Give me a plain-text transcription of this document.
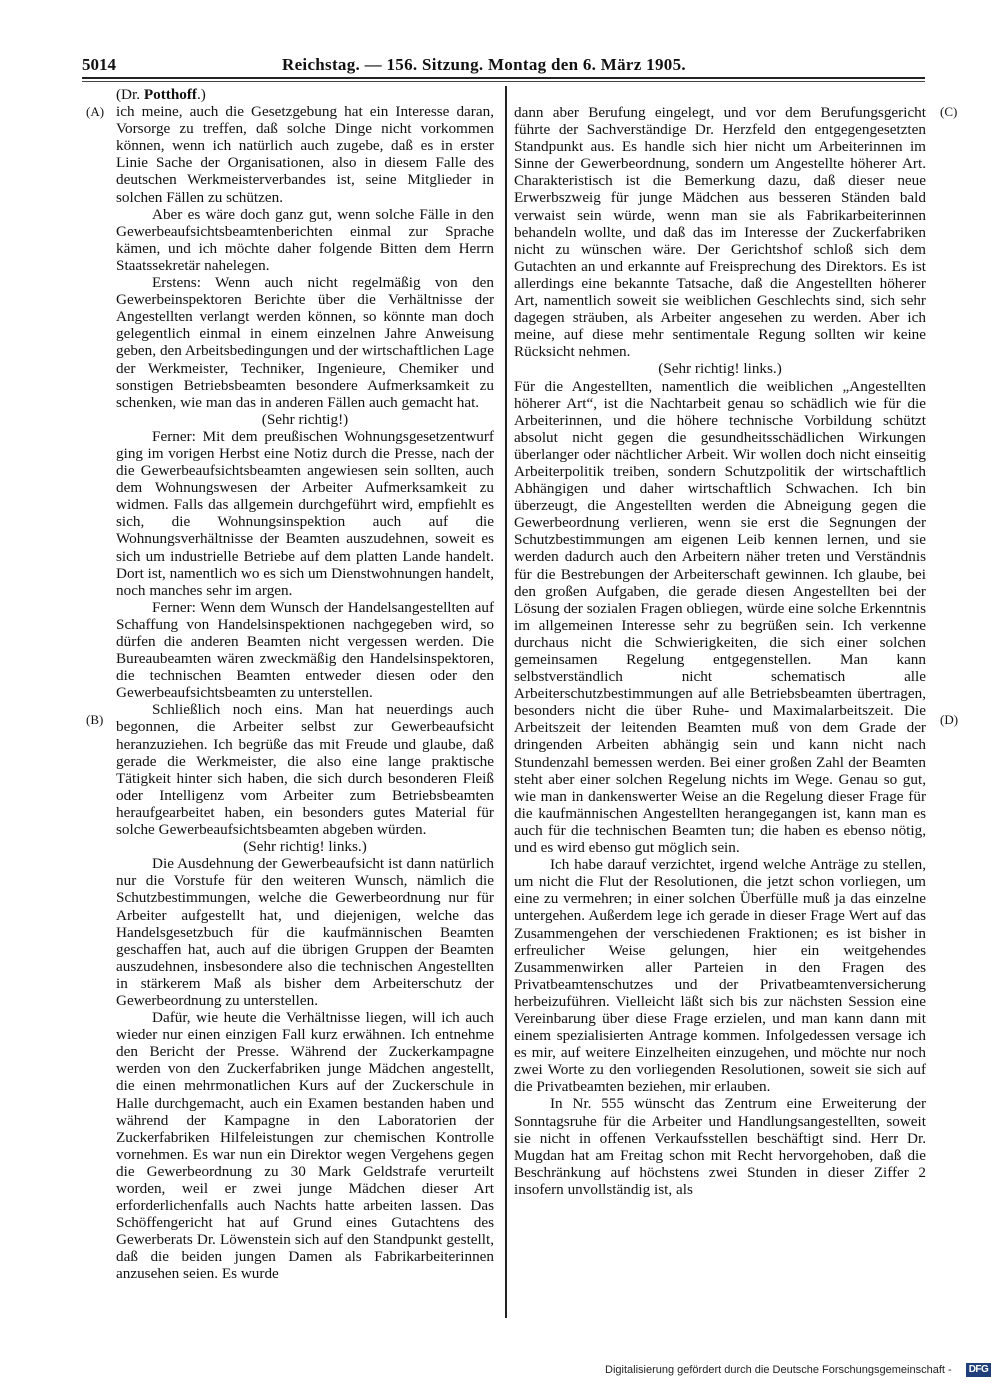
5014	Reichstag. — 156. Sitzung. Montag den 6. März 1905.
(A)
(B)
(C)
(D)
(Dr. Potthoff.)

ich meine, auch die Gesetzgebung hat ein Interesse daran, Vorsorge zu treffen, daß solche Dinge nicht vorkommen können, wenn ich natürlich auch zugebe, daß es in erster Linie Sache der Organisationen, also in diesem Falle des deutschen Werkmeisterverbandes ist, seine Mitglieder in solchen Fällen zu schützen.

Aber es wäre doch ganz gut, wenn solche Fälle in den Gewerbeaufsichtsbeamtenberichten einmal zur Sprache kämen, und ich möchte daher folgende Bitten dem Herrn Staatssekretär nahelegen.

Erstens: Wenn auch nicht regelmäßig von den Gewerbeinspektoren Berichte über die Verhältnisse der Angestellten verlangt werden können, so könnte man doch gelegentlich einmal in einem einzelnen Jahre Anweisung geben, den Arbeitsbedingungen und der wirtschaftlichen Lage der Werkmeister, Techniker, Ingenieure, Chemiker und sonstigen Betriebsbeamten besondere Aufmerksamkeit zu schenken, wie man das in anderen Fällen auch gemacht hat.

(Sehr richtig!)

Ferner: Mit dem preußischen Wohnungsgesetzentwurf ging im vorigen Herbst eine Notiz durch die Presse, nach der die Gewerbeaufsichtsbeamten angewiesen sein sollten, auch dem Wohnungswesen der Arbeiter Aufmerksamkeit zu widmen. Falls das allgemein durchgeführt wird, empfiehlt es sich, die Wohnungsinspektion auch auf die Wohnungsverhältnisse der Beamten auszudehnen, soweit es sich um industrielle Betriebe auf dem platten Lande handelt. Dort ist, namentlich wo es sich um Dienstwohnungen handelt, noch manches sehr im argen.

Ferner: Wenn dem Wunsch der Handelsangestellten auf Schaffung von Handelsinspektionen nachgegeben wird, so dürfen die anderen Beamten nicht vergessen werden. Die Bureaubeamten wären zweckmäßig den Handelsinspektoren, die technischen Beamten entweder diesen oder den Gewerbeaufsichtsbeamten zu unterstellen.

Schließlich noch eins. Man hat neuerdings auch begonnen, die Arbeiter selbst zur Gewerbeaufsicht heranzuziehen. Ich begrüße das mit Freude und glaube, daß gerade die Werkmeister, die also eine lange praktische Tätigkeit hinter sich haben, die sich durch besonderen Fleiß oder Intelligenz vom Arbeiter zum Betriebsbeamten heraufgearbeitet haben, ein besonders gutes Material für solche Gewerbeaufsichtsbeamten abgeben würden.

(Sehr richtig! links.)

Die Ausdehnung der Gewerbeaufsicht ist dann natürlich nur die Vorstufe für den weiteren Wunsch, nämlich die Schutzbestimmungen, welche die Gewerbeordnung nur für Arbeiter aufgestellt hat, und diejenigen, welche das Handelsgesetzbuch für die kaufmännischen Beamten geschaffen hat, auch auf die übrigen Gruppen der Beamten auszudehnen, insbesondere also die technischen Angestellten in stärkerem Maß als bisher dem Arbeiterschutz der Gewerbeordnung zu unterstellen.

Dafür, wie heute die Verhältnisse liegen, will ich auch wieder nur einen einzigen Fall kurz erwähnen. Ich entnehme den Bericht der Presse. Während der Zuckerkampagne werden von den Zuckerfabriken junge Mädchen angestellt, die einen mehrmonatlichen Kurs auf der Zuckerschule in Halle durchgemacht, auch ein Examen bestanden haben und während der Kampagne in den Laboratorien der Zuckerfabriken Hilfeleistungen zur chemischen Kontrolle vornehmen. Es war nun ein Direktor wegen Vergehens gegen die Gewerbeordnung zu 30 Mark Geldstrafe verurteilt worden, weil er zwei junge Mädchen dieser Art erforderlichenfalls auch Nachts hatte arbeiten lassen. Das Schöffengericht hat auf Grund eines Gutachtens des Gewerberats Dr. Löwenstein sich auf den Standpunkt gestellt, daß die beiden jungen Damen als Fabrikarbeiterinnen anzusehen seien. Es wurde

dann aber Berufung eingelegt, und vor dem Berufungsgericht führte der Sachverständige Dr. Herzfeld den entgegengesetzten Standpunkt aus. Es handle sich hier nicht um Arbeiterinnen im Sinne der Gewerbeordnung, sondern um Angestellte höherer Art. Charakteristisch ist die Bemerkung dazu, daß dieser neue Erwerbszweig für junge Mädchen aus besseren Ständen bald verwaist sein würde, wenn man sie als Fabrikarbeiterinnen behandeln wollte, und daß das im Interesse der Zuckerfabriken nicht zu wünschen wäre. Der Gerichtshof schloß sich dem Gutachten an und erkannte auf Freisprechung des Direktors. Es ist allerdings eine bekannte Tatsache, daß die Angestellten höherer Art, namentlich soweit sie weiblichen Geschlechts sind, sich sehr dagegen sträuben, als Arbeiter angesehen zu werden. Aber ich meine, auf diese mehr sentimentale Regung sollten wir keine Rücksicht nehmen.

(Sehr richtig! links.)

Für die Angestellten, namentlich die weiblichen „Angestellten höherer Art“, ist die Nachtarbeit genau so schädlich wie für die Arbeiterinnen, und die höhere technische Vorbildung schützt absolut nicht gegen die gesundheitsschädlichen Wirkungen überlanger oder nächtlicher Arbeit. Wir wollen doch nicht einseitig Arbeiterpolitik treiben, sondern Schutzpolitik der wirtschaftlich Abhängigen und daher wirtschaftlich Schwachen. Ich bin überzeugt, die Angestellten werden die Abneigung gegen die Gewerbeordnung verlieren, wenn sie erst die Segnungen der Schutzbestimmungen am eigenen Leib kennen lernen, und sie werden dadurch auch den Arbeitern näher treten und Verständnis für die Bestrebungen der Arbeiterschaft gewinnen. Ich glaube, bei den großen Aufgaben, die gerade diesen Angestellten bei der Lösung der sozialen Fragen obliegen, würde eine solche Erkenntnis im allgemeinen Interesse sehr zu begrüßen sein. Ich verkenne durchaus nicht die Schwierigkeiten, die sich einer solchen gemeinsamen Regelung entgegenstellen. Man kann selbstverständlich nicht schematisch alle Arbeiterschutzbestimmungen auf alle Betriebsbeamten übertragen, besonders nicht die über Ruhe- und Maximalarbeitszeit. Die Arbeitszeit der leitenden Beamten muß von dem Grade der dringenden Arbeiten abhängig sein und kann nicht nach Stundenzahl bemessen werden. Bei einer großen Zahl der Beamten steht aber einer solchen Regelung nichts im Wege. Genau so gut, wie man in dankenswerter Weise an die Regelung dieser Frage für die kaufmännischen Angestellten herangegangen ist, kann man es auch für die technischen Beamten tun; die haben es ebenso nötig, und es wird ebenso gut möglich sein.

Ich habe darauf verzichtet, irgend welche Anträge zu stellen, um nicht die Flut der Resolutionen, die jetzt schon vorliegen, um eine zu vermehren; in einer solchen Überfülle muß ja das einzelne untergehen. Außerdem lege ich gerade in dieser Frage Wert auf das Zusammengehen der verschiedenen Fraktionen; es ist bisher in erfreulicher Weise gelungen, hier ein weitgehendes Zusammenwirken aller Parteien in den Fragen des Privatbeamtenschutzes und der Privatbeamtenversicherung herbeizuführen. Vielleicht läßt sich bis zur nächsten Session eine Vereinbarung über diese Frage erzielen, und man kann dann mit einem spezialisierten Antrage kommen. Infolgedessen versage ich es mir, auf weitere Einzelheiten einzugehen, und möchte nur noch zwei Worte zu den vorliegenden Resolutionen, soweit sie sich auf die Privatbeamten beziehen, mir erlauben.

In Nr. 555 wünscht das Zentrum eine Erweiterung der Sonntagsruhe für die Arbeiter und Handlungsangestellten, soweit sie nicht in offenen Verkaufsstellen beschäftigt sind. Herr Dr. Mugdan hat am Freitag schon mit Recht hervorgehoben, daß die Beschränkung auf höchstens zwei Stunden in dieser Ziffer 2 insofern unvollständig ist, als

Digitalisierung gefördert durch die Deutsche Forschungsgemeinschaft - DFG
